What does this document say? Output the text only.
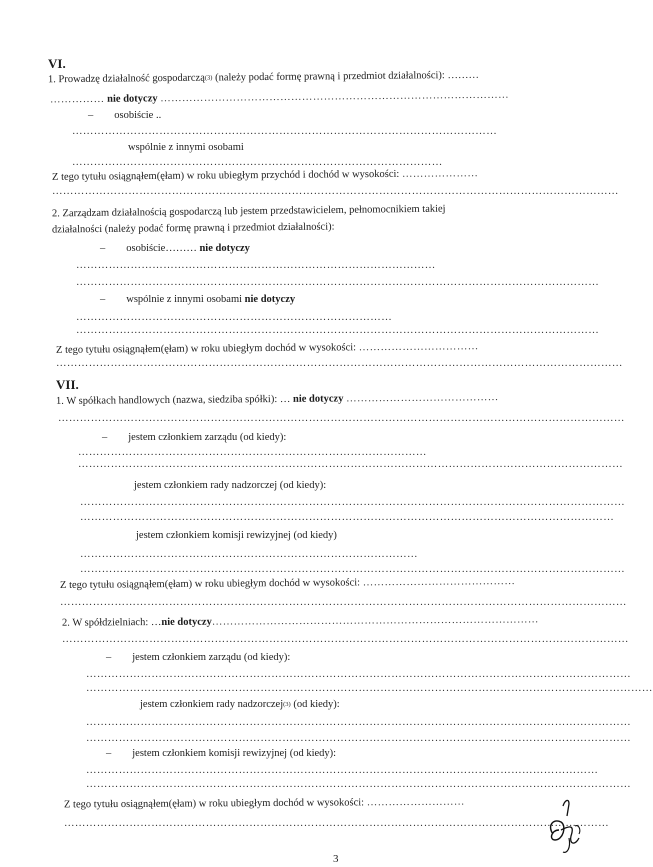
VI.
1. Prowadzę działalność gospodarczą$^{(3)}$ (należy podać formę prawną i przedmiot działalności): ………
…………… nie dotyczy ……………………………………………………………………………………
– osobiście ..
………………………………………………………………………………………………………
wspólnie z innymi osobami
…………………………………………………………………………………………
Z tego tytułu osiągnąłem(ęłam) w roku ubiegłym przychód i dochód w wysokości: …………………
…………………………………………………………………………………………………………………………………………
2. Zarządzam działalnością gospodarczą lub jestem przedstawicielem, pełnomocnikiem takiej
działalności (należy podać formę prawną i przedmiot działalności):
– osobiście……… nie dotyczy
………………………………………………………………………………………
………………………………………………………………………………………………………………………………
– wspólnie z innymi osobami nie dotyczy
……………………………………………………………………………
………………………………………………………………………………………………………………………………
Z tego tytułu osiągnąłem(ęłam) w roku ubiegłym dochód w wysokości: ……………………………
…………………………………………………………………………………………………………………………………………
VII.
1. W spółkach handlowych (nazwa, siedziba spółki): … nie dotyczy ……………………………………
…………………………………………………………………………………………………………………………………………
– jestem członkiem zarządu (od kiedy):
……………………………………………………………………………………
……………………………………………………………………………………………………………………………………
jestem członkiem rady nadzorczej (od kiedy):
……………………………………………………………………………………………………………………………………
…………………………………………………………………………………………………………………………………
jestem członkiem komisji rewizyjnej (od kiedy)
…………………………………………………………………………………
……………………………………………………………………………………………………………………………………
Z tego tytułu osiągnąłem(ęłam) w roku ubiegłym dochód w wysokości: ……………………………………
…………………………………………………………………………………………………………………………………………
2. W spółdzielniach: …nie dotyczy………………………………………………………………………………
…………………………………………………………………………………………………………………………………………
– jestem członkiem zarządu (od kiedy):
……………………………………………………………………………………………………………………………………
…………………………………………………………………………………………………………………………………………
jestem członkiem rady nadzorczej$^{(3)}$ (od kiedy):
……………………………………………………………………………………………………………………………………
……………………………………………………………………………………………………………………………………
– jestem członkiem komisji rewizyjnej (od kiedy):
……………………………………………………………………………………………………………………………
……………………………………………………………………………………………………………………………………
Z tego tytułu osiągnąłem(ęłam) w roku ubiegłym dochód w wysokości: ………………………
……………………………………………………………………………………………………………………………………
3
